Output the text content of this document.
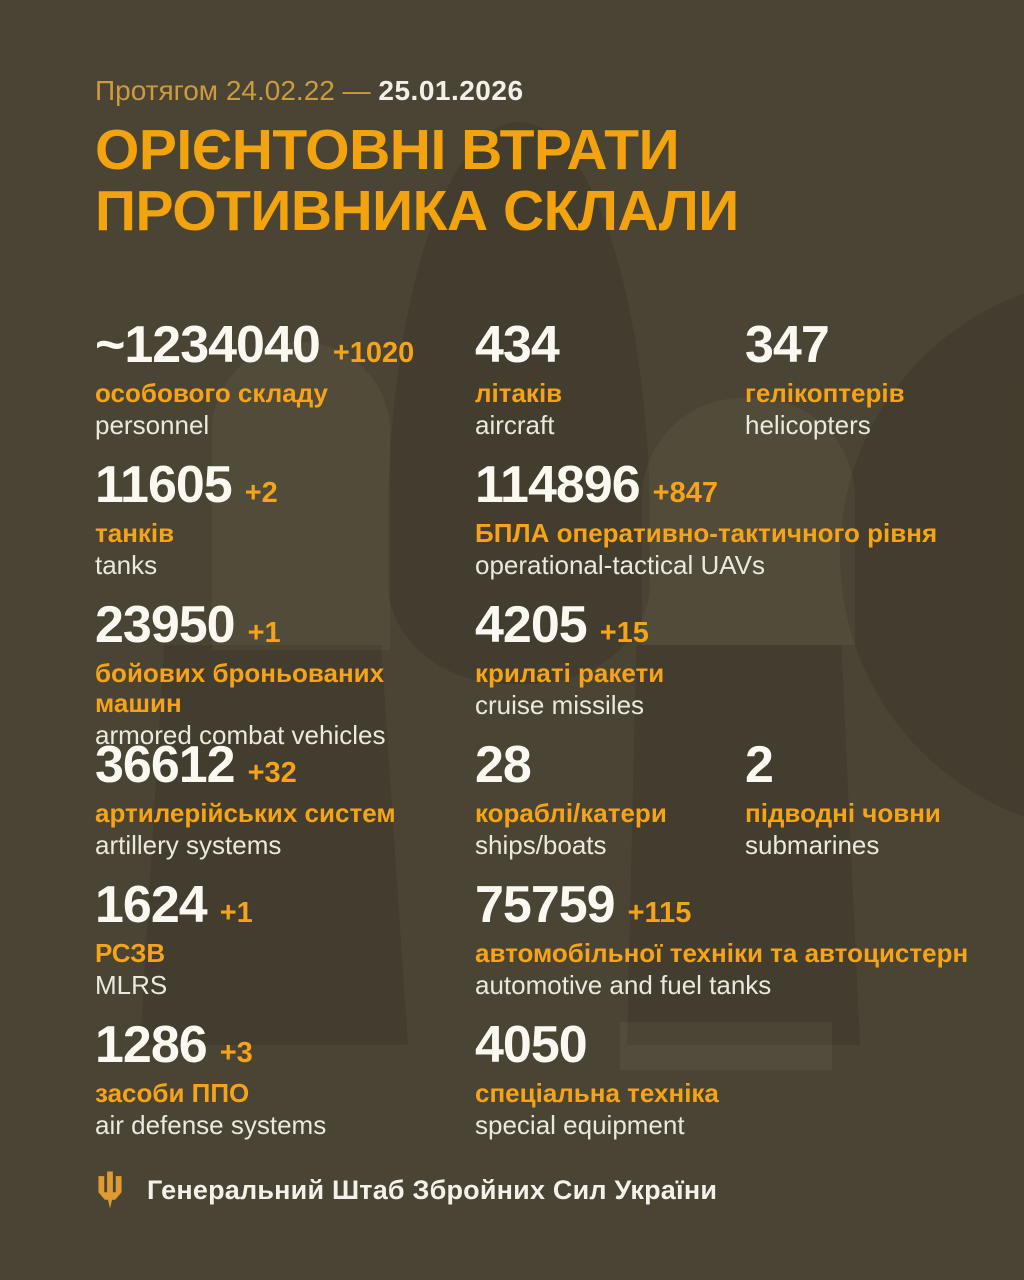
Протягом 24.02.22 — 25.01.2026
ОРІЄНТОВНІ ВТРАТИ
ПРОТИВНИКА СКЛАЛИ
~1234040 +1020
особового складу
personnel
434
літаків
aircraft
347
гелікоптерів
helicopters
11605 +2
танків
tanks
114896 +847
БПЛА оперативно-тактичного рівня
operational-tactical UAVs
23950 +1
бойових броньованих машин
armored combat vehicles
4205 +15
крилаті ракети
cruise missiles
36612 +32
артилерійських систем
artillery systems
28
кораблі/катери
ships/boats
2
підводні човни
submarines
1624 +1
РСЗВ
MLRS
75759 +115
автомобільної техніки та автоцистерн
automotive and fuel tanks
1286 +3
засоби ППО
air defense systems
4050
спеціальна техніка
special equipment
Генеральний Штаб Збройних Сил України
